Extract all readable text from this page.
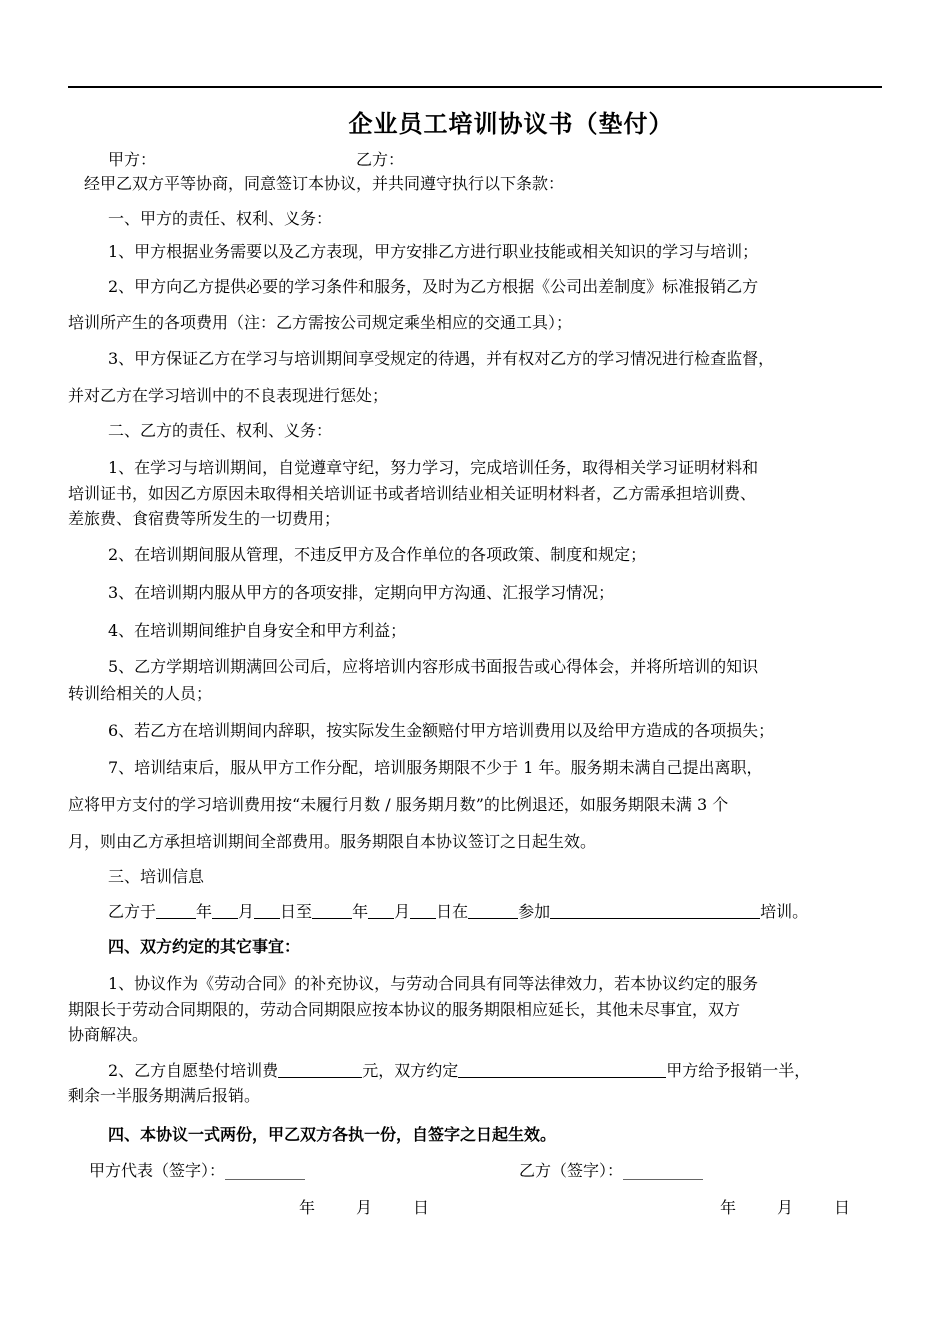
企业员工培训协议书（垫付）
甲方：	乙方：
经甲乙双方平等协商，同意签订本协议，并共同遵守执行以下条款：
一、甲方的责任、权利、义务：
1、甲方根据业务需要以及乙方表现，甲方安排乙方进行职业技能或相关知识的学习与培训；
2、甲方向乙方提供必要的学习条件和服务，及时为乙方根据《公司出差制度》标准报销乙方
培训所产生的各项费用（注：乙方需按公司规定乘坐相应的交通工具）；
3、甲方保证乙方在学习与培训期间享受规定的待遇，并有权对乙方的学习情况进行检查监督，
并对乙方在学习培训中的不良表现进行惩处；
二、乙方的责任、权利、义务：
1、在学习与培训期间，自觉遵章守纪，努力学习，完成培训任务，取得相关学习证明材料和
培训证书，如因乙方原因未取得相关培训证书或者培训结业相关证明材料者，乙方需承担培训费、
差旅费、食宿费等所发生的一切费用；
2、在培训期间服从管理，不违反甲方及合作单位的各项政策、制度和规定；
3、在培训期内服从甲方的各项安排，定期向甲方沟通、汇报学习情况；
4、在培训期间维护自身安全和甲方利益；
5、乙方学期培训期满回公司后，应将培训内容形成书面报告或心得体会，并将所培训的知识
转训给相关的人员；
6、若乙方在培训期间内辞职，按实际发生金额赔付甲方培训费用以及给甲方造成的各项损失；
7、培训结束后，服从甲方工作分配，培训服务期限不少于 1 年。服务期未满自己提出离职，
应将甲方支付的学习培训费用按“未履行月数 / 服务期月数”的比例退还，如服务期限未满 3 个
月，则由乙方承担培训期间全部费用。服务期限自本协议签订之日起生效。
三、培训信息
乙方于	年 月 日至	年 月 日在	参加	培训。
四、双方约定的其它事宜：
1、协议作为《劳动合同》的补充协议，与劳动合同具有同等法律效力，若本协议约定的服务
期限长于劳动合同期限的，劳动合同期限应按本协议的服务期限相应延长，其他未尽事宜，双方
协商解决。
2、乙方自愿垫付培训费	元，双方约定	甲方给予报销一半，
剩余一半服务期满后报销。
四、本协议一式两份，甲乙双方各执一份，自签字之日起生效。
甲方代表（签字）：__________	乙方（签字）：__________
年	月	日	年	月	日
